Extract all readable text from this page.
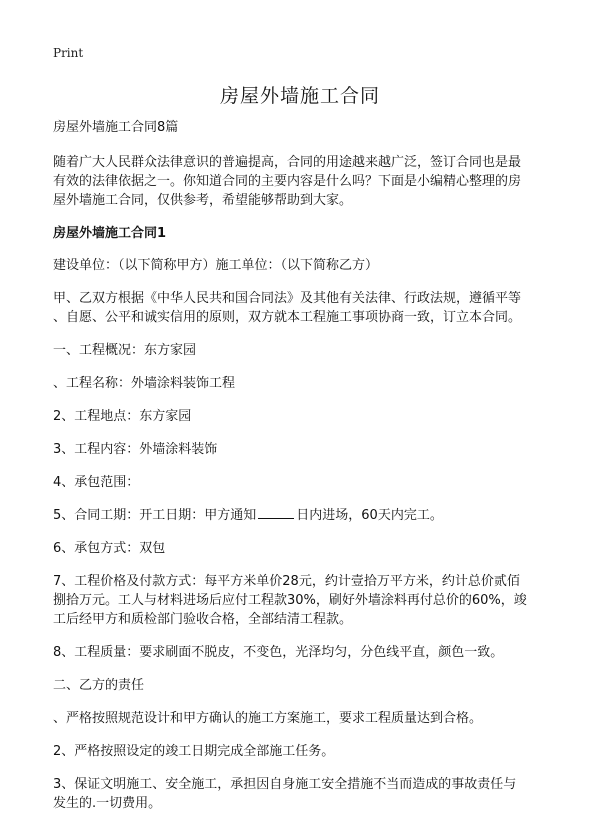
Print
房屋外墙施工合同

房屋外墙施工合同8篇

随着广大人民群众法律意识的普遍提高，合同的用途越来越广泛，签订合同也是最

有效的法律依据之一。你知道合同的主要内容是什么吗？下面是小编精心整理的房

屋外墙施工合同，仅供参考，希望能够帮助到大家。

房屋外墙施工合同1

建设单位：（以下简称甲方）施工单位：（以下简称乙方）

甲、乙双方根据《中华人民共和国合同法》及其他有关法律、行政法规，遵循平等

、自愿、公平和诚实信用的原则，双方就本工程施工事项协商一致，订立本合同。

一、工程概况：东方家园

、工程名称：外墙涂料装饰工程

2、工程地点：东方家园

3、工程内容：外墙涂料装饰

4、承包范围：

5、合同工期：开工日期：甲方通知	日内进场，60天内完工。

6、承包方式：双包

7、工程价格及付款方式：每平方米单价28元，约计壹拾万平方米，约计总价贰佰

捌拾万元。工人与材料进场后应付工程款30%，刷好外墙涂料再付总价的60%，竣

工后经甲方和质检部门验收合格，全部结清工程款。

8、工程质量：要求刷面不脱皮，不变色，光泽均匀，分色线平直，颜色一致。

二、乙方的责任

、严格按照规范设计和甲方确认的施工方案施工，要求工程质量达到合格。

2、严格按照设定的竣工日期完成全部施工任务。

3、保证文明施工、安全施工，承担因自身施工安全措施不当而造成的事故责任与

发生的.一切费用。
